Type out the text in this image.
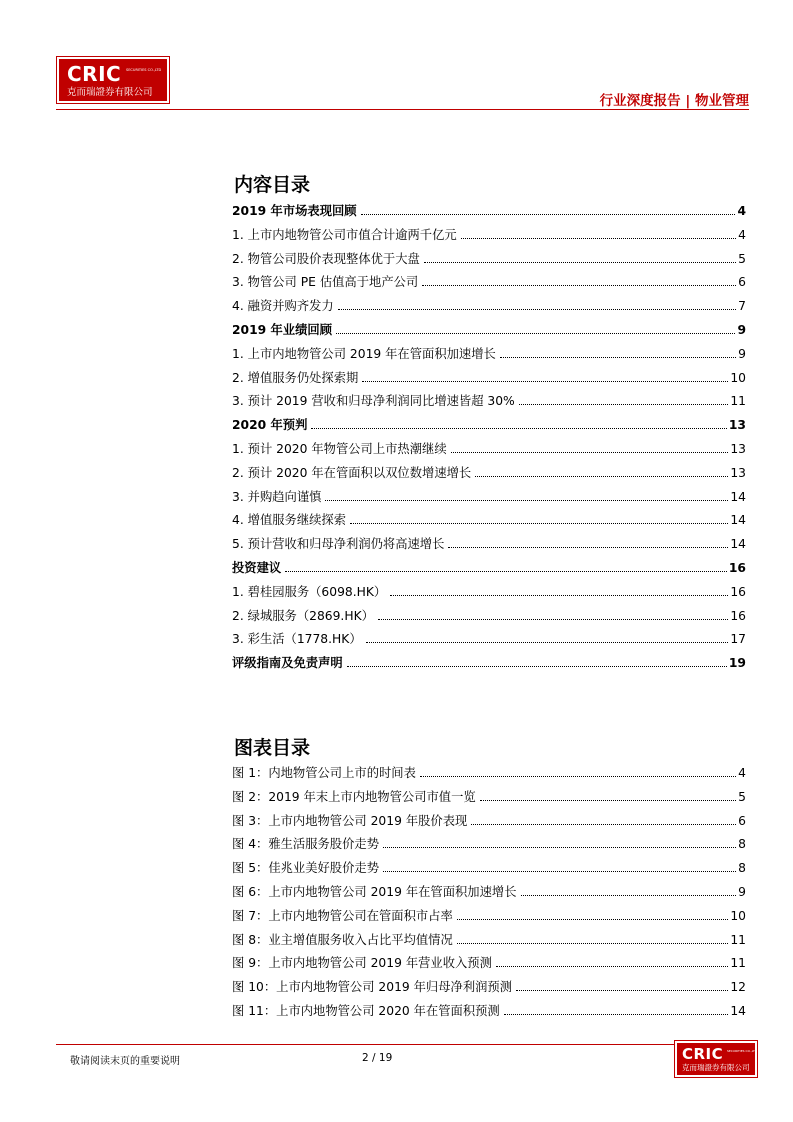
CRIC SECURITIES CO.,LTD
克而瑞證券有限公司
行业深度报告 | 物业管理
内容目录
2019 年市场表现回顾	4
1. 上市内地物管公司市值合计逾两千亿元	4
2. 物管公司股价表现整体优于大盘	5
3. 物管公司 PE 估值高于地产公司	6
4. 融资并购齐发力	7
2019 年业绩回顾	9
1. 上市内地物管公司 2019 年在管面积加速增长	9
2. 增值服务仍处探索期	10
3. 预计 2019 营收和归母净利润同比增速皆超 30%	11
2020 年预判	13
1. 预计 2020 年物管公司上市热潮继续	13
2. 预计 2020 年在管面积以双位数增速增长	13
3. 并购趋向谨慎	14
4. 增值服务继续探索	14
5. 预计营收和归母净利润仍将高速增长	14
投资建议	16
1. 碧桂园服务（6098.HK）	16
2. 绿城服务（2869.HK）	16
3. 彩生活（1778.HK）	17
评级指南及免责声明	19
图表目录
图 1：内地物管公司上市的时间表	4
图 2：2019 年末上市内地物管公司市值一览	5
图 3：上市内地物管公司 2019 年股价表现	6
图 4：雅生活服务股价走势	8
图 5：佳兆业美好股价走势	8
图 6：上市内地物管公司 2019 年在管面积加速增长	9
图 7：上市内地物管公司在管面积市占率	10
图 8：业主增值服务收入占比平均值情况	11
图 9：上市内地物管公司 2019 年营业收入预测	11
图 10：上市内地物管公司 2019 年归母净利润预测	12
图 11：上市内地物管公司 2020 年在管面积预测	14
敬请阅读末页的重要说明	2 / 19	CRIC SECURITIES CO.,LTD
克而瑞證券有限公司
